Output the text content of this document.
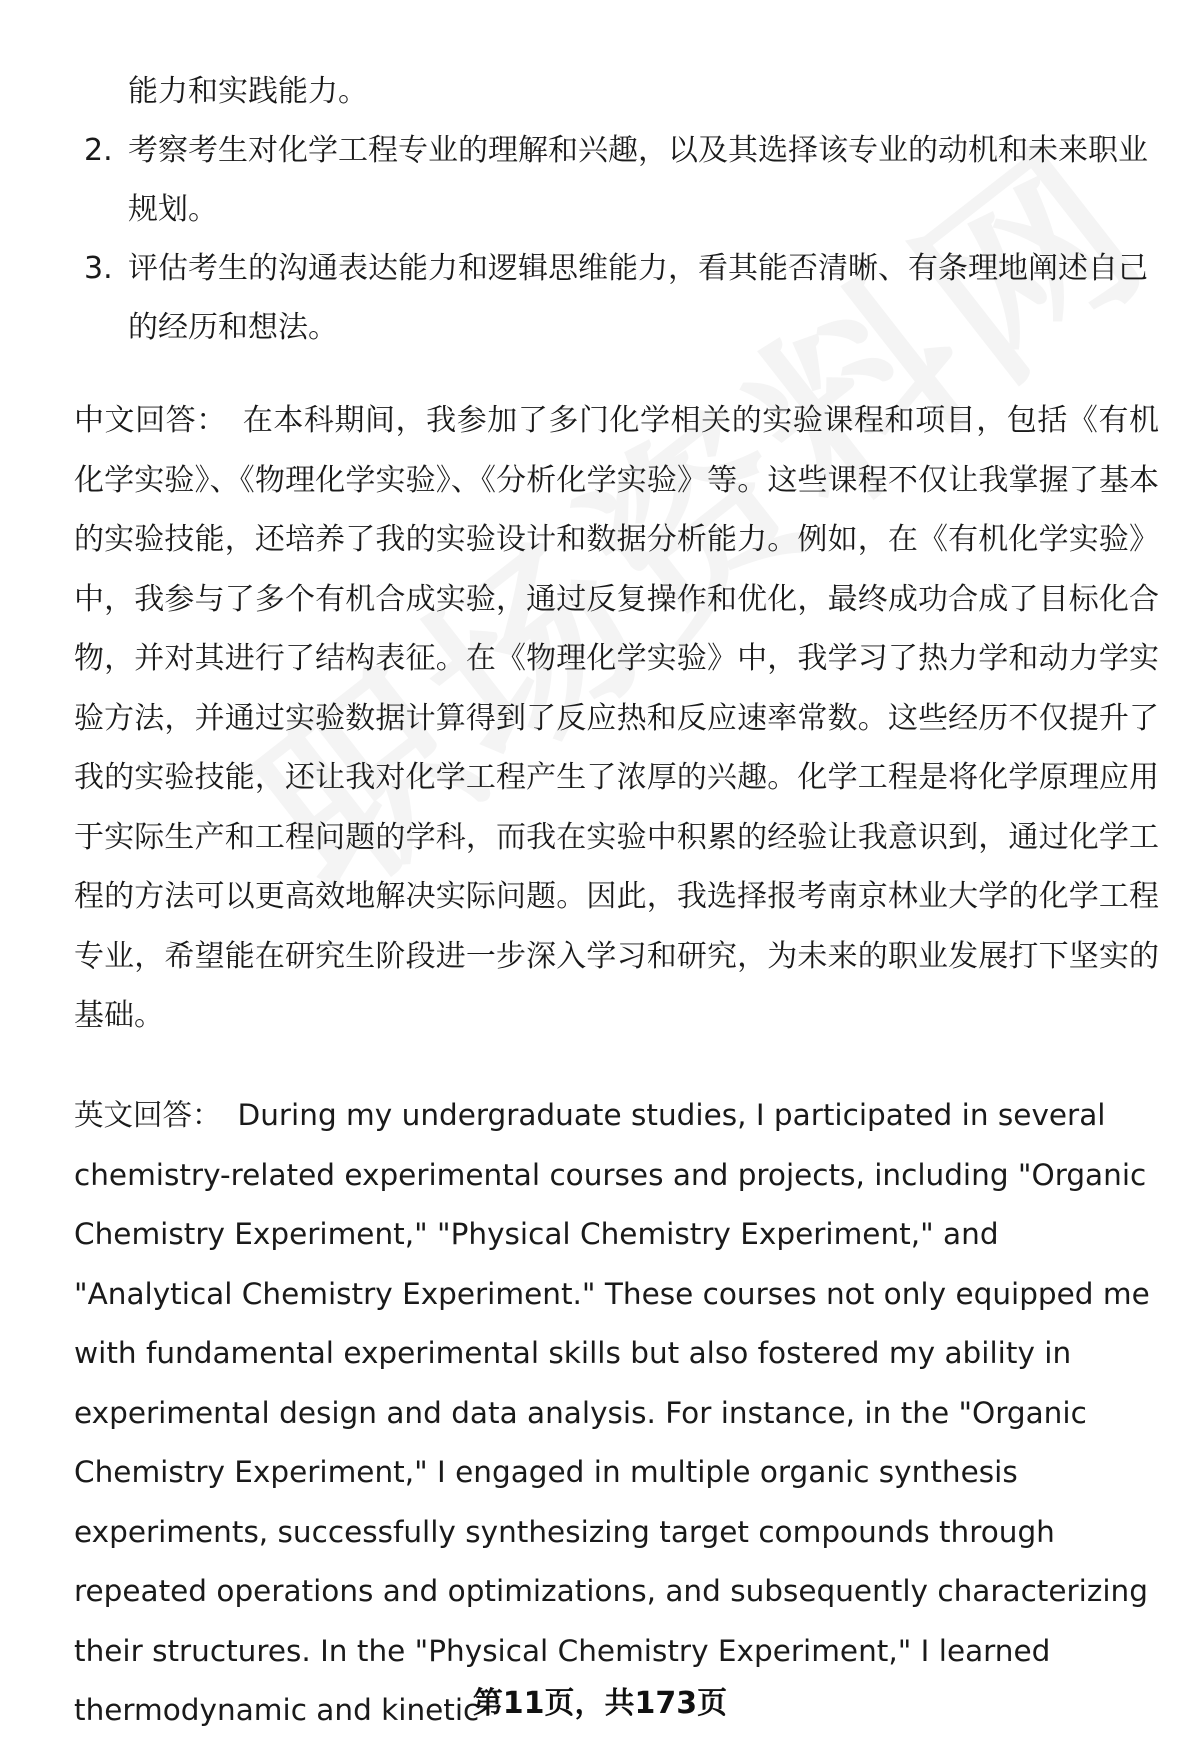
能力和实践能力。
2. 考察考生对化学工程专业的理解和兴趣，以及其选择该专业的动机和未来职业规划。
3. 评估考生的沟通表达能力和逻辑思维能力，看其能否清晰、有条理地阐述自己的经历和想法。

中文回答： 在本科期间，我参加了多门化学相关的实验课程和项目，包括《有机化学实验》、《物理化学实验》、《分析化学实验》等。这些课程不仅让我掌握了基本的实验技能，还培养了我的实验设计和数据分析能力。例如，在《有机化学实验》中，我参与了多个有机合成实验，通过反复操作和优化，最终成功合成了目标化合物，并对其进行了结构表征。在《物理化学实验》中，我学习了热力学和动力学实验方法，并通过实验数据计算得到了反应热和反应速率常数。这些经历不仅提升了我的实验技能，还让我对化学工程产生了浓厚的兴趣。化学工程是将化学原理应用于实际生产和工程问题的学科，而我在实验中积累的经验让我意识到，通过化学工程的方法可以更高效地解决实际问题。因此，我选择报考南京林业大学的化学工程专业，希望能在研究生阶段进一步深入学习和研究，为未来的职业发展打下坚实的基础。

英文回答： During my undergraduate studies, I participated in several chemistry-related experimental courses and projects, including "Organic Chemistry Experiment," "Physical Chemistry Experiment," and "Analytical Chemistry Experiment." These courses not only equipped me with fundamental experimental skills but also fostered my ability in experimental design and data analysis. For instance, in the "Organic Chemistry Experiment," I engaged in multiple organic synthesis experiments, successfully synthesizing target compounds through repeated operations and optimizations, and subsequently characterizing their structures. In the "Physical Chemistry Experiment," I learned thermodynamic and kinetic

第11页，共173页
